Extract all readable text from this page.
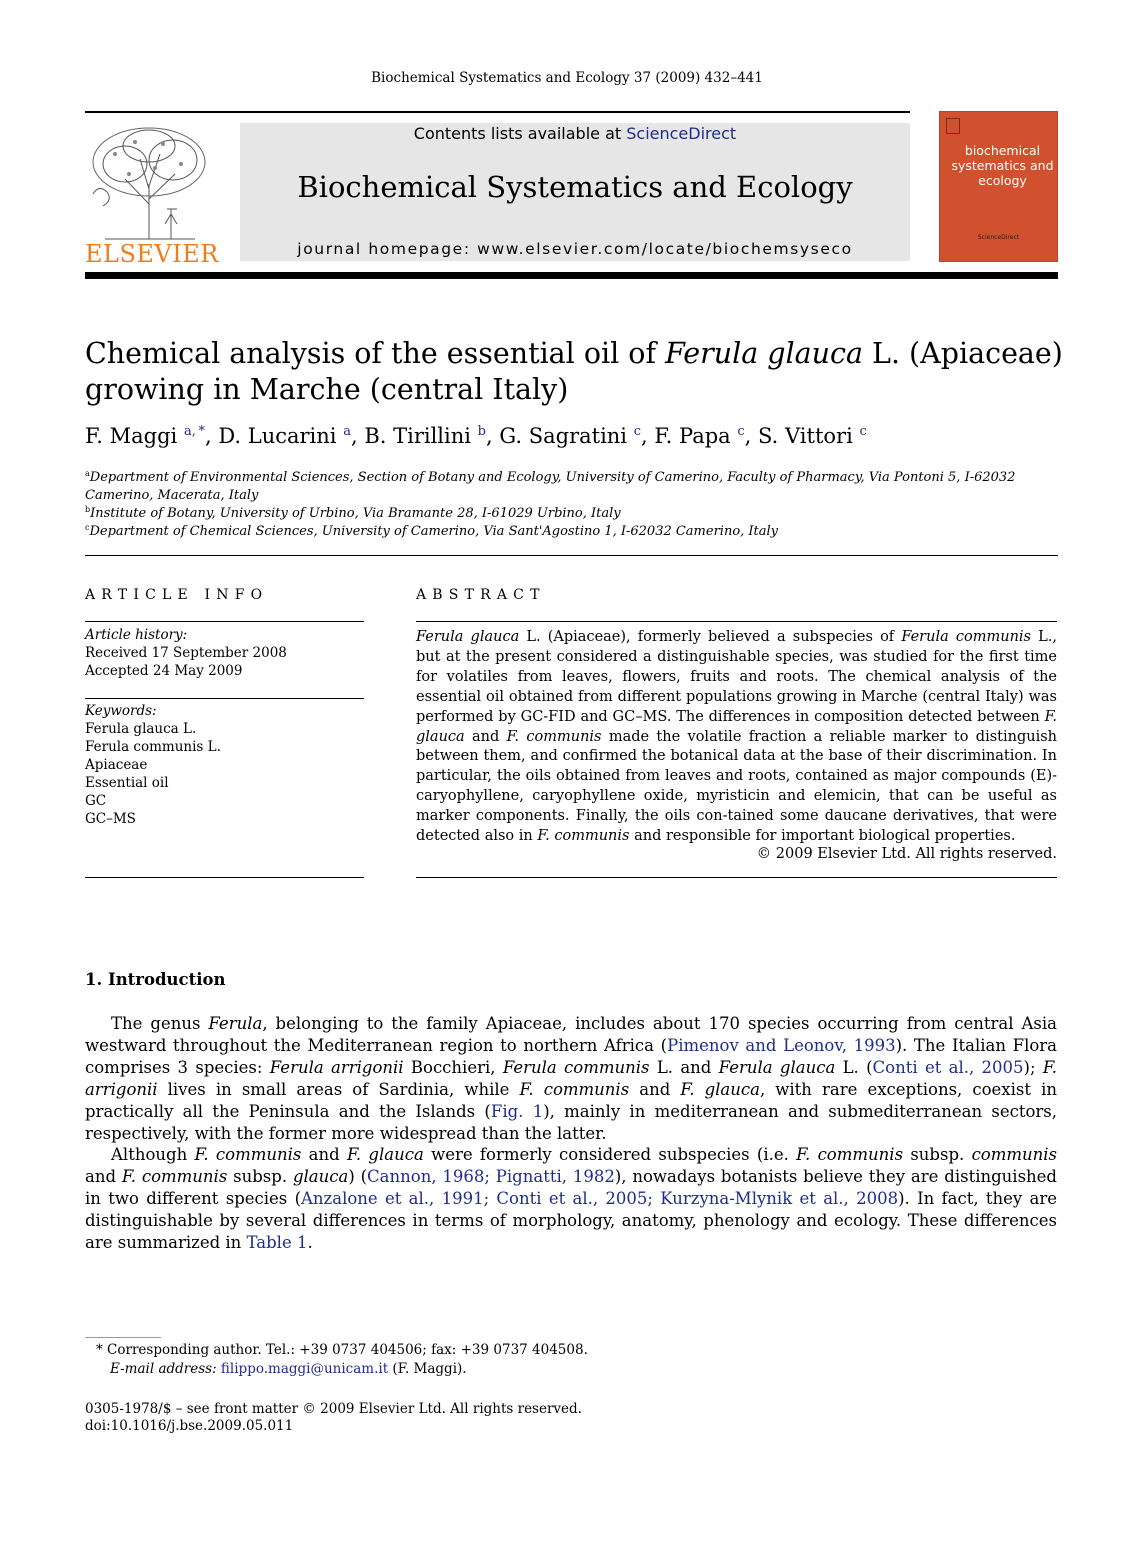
Biochemical Systematics and Ecology 37 (2009) 432–441
ELSEVIER
Contents lists available at ScienceDirect
Biochemical Systematics and Ecology
journal homepage: www.elsevier.com/locate/biochemsyseco
biochemical systematics and ecology
ScienceDirect
Chemical analysis of the essential oil of Ferula glauca L. (Apiaceae)
growing in Marche (central Italy)
F. Maggi $^{a, *}$, D. Lucarini $^a$, B. Tirillini $^b$, G. Sagratini $^c$, F. Papa $^c$, S. Vittori $^c$
$^a$Department of Environmental Sciences, Section of Botany and Ecology, University of Camerino, Faculty of Pharmacy, Via Pontoni 5, I-62032 Camerino, Macerata, Italy
$^b$Institute of Botany, University of Urbino, Via Bramante 28, I-61029 Urbino, Italy
$^c$Department of Chemical Sciences, University of Camerino, Via Sant'Agostino 1, I-62032 Camerino, Italy
ARTICLE INFO
Article history:
Received 17 September 2008
Accepted 24 May 2009
Keywords:
Ferula glauca L.
Ferula communis L.
Apiaceae
Essential oil
GC
GC–MS
ABSTRACT
Ferula glauca L. (Apiaceae), formerly believed a subspecies of Ferula communis L., but at the present considered a distinguishable species, was studied for the first time for volatiles from leaves, flowers, fruits and roots. The chemical analysis of the essential oil obtained from different populations growing in Marche (central Italy) was performed by GC-FID and GC–MS. The differences in composition detected between F. glauca and F. communis made the volatile fraction a reliable marker to distinguish between them, and confirmed the botanical data at the base of their discrimination. In particular, the oils obtained from leaves and roots, contained as major compounds (E)-caryophyllene, caryophyllene oxide, myristicin and elemicin, that can be useful as marker components. Finally, the oils con-tained some daucane derivatives, that were detected also in F. communis and responsible for important biological properties.
© 2009 Elsevier Ltd. All rights reserved.
1. Introduction
The genus Ferula, belonging to the family Apiaceae, includes about 170 species occurring from central Asia westward throughout the Mediterranean region to northern Africa (Pimenov and Leonov, 1993). The Italian Flora comprises 3 species: Ferula arrigonii Bocchieri, Ferula communis L. and Ferula glauca L. (Conti et al., 2005); F. arrigonii lives in small areas of Sardinia, while F. communis and F. glauca, with rare exceptions, coexist in practically all the Peninsula and the Islands (Fig. 1), mainly in mediterranean and submediterranean sectors, respectively, with the former more widespread than the latter.
Although F. communis and F. glauca were formerly considered subspecies (i.e. F. communis subsp. communis and F. communis subsp. glauca) (Cannon, 1968; Pignatti, 1982), nowadays botanists believe they are distinguished in two different species (Anzalone et al., 1991; Conti et al., 2005; Kurzyna-Mlynik et al., 2008). In fact, they are distinguishable by several differences in terms of morphology, anatomy, phenology and ecology. These differences are summarized in Table 1.
* Corresponding author. Tel.: +39 0737 404506; fax: +39 0737 404508.
E-mail address: filippo.maggi@unicam.it (F. Maggi).
0305-1978/$ – see front matter © 2009 Elsevier Ltd. All rights reserved.
doi:10.1016/j.bse.2009.05.011
